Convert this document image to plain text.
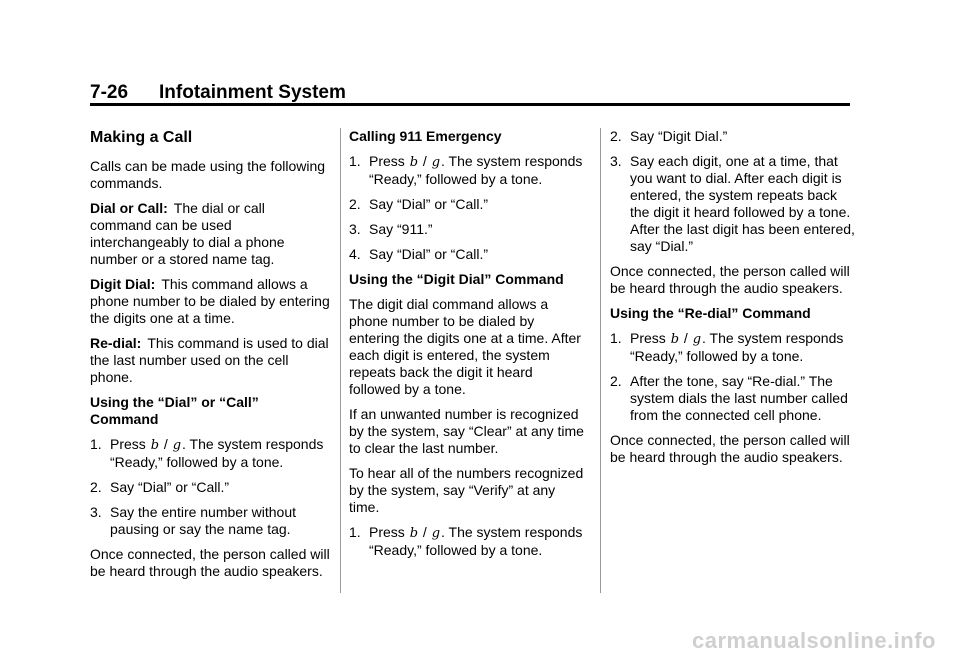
7-26 Infotainment System
Making a Call

Calls can be made using the following commands.

Dial or Call: The dial or call command can be used interchangeably to dial a phone number or a stored name tag.

Digit Dial: This command allows a phone number to be dialed by entering the digits one at a time.

Re-dial: This command is used to dial the last number used on the cell phone.

Using the “Dial” or “Call” Command
1. Press b / g. The system responds “Ready,” followed by a tone.
2. Say “Dial” or “Call.”
3. Say the entire number without pausing or say the name tag.

Once connected, the person called will be heard through the audio speakers.

Calling 911 Emergency
1. Press b / g. The system responds “Ready,” followed by a tone.
2. Say “Dial” or “Call.”
3. Say “911.”
4. Say “Dial” or “Call.”
Using the “Digit Dial” Command

The digit dial command allows a phone number to be dialed by entering the digits one at a time. After each digit is entered, the system repeats back the digit it heard followed by a tone.

If an unwanted number is recognized by the system, say “Clear” at any time to clear the last number.

To hear all of the numbers recognized by the system, say “Verify” at any time.

1. Press b / g. The system responds “Ready,” followed by a tone.
2. Say “Digit Dial.”
3. Say each digit, one at a time, that you want to dial. After each digit is entered, the system repeats back the digit it heard followed by a tone. After the last digit has been entered, say “Dial.”

Once connected, the person called will be heard through the audio speakers.

Using the “Re-dial” Command
1. Press b / g. The system responds “Ready,” followed by a tone.
2. After the tone, say “Re-dial.” The system dials the last number called from the connected cell phone.

Once connected, the person called will be heard through the audio speakers.

carmanualsonline.info
